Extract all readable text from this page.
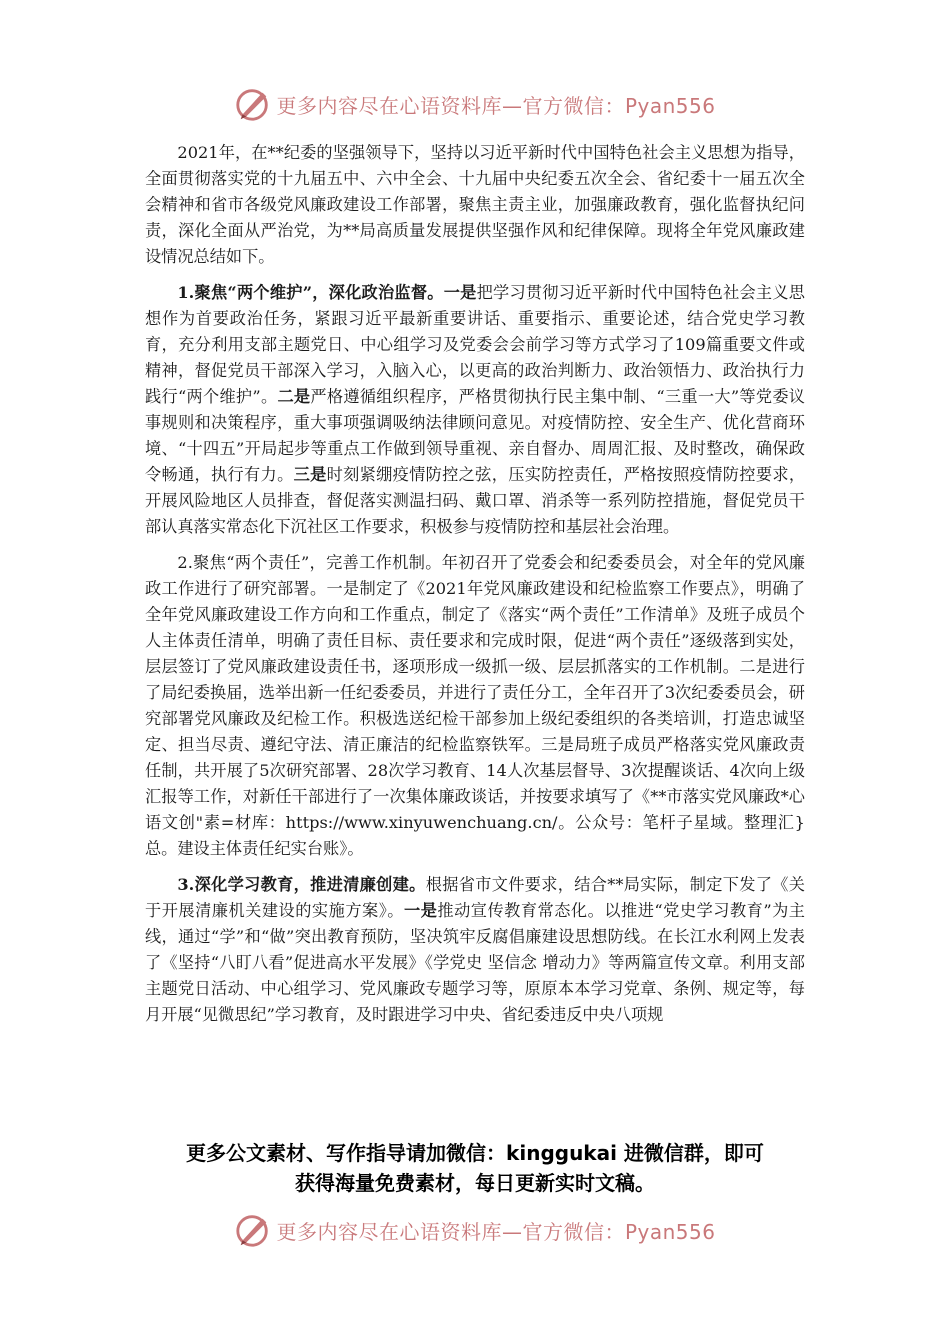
更多内容尽在心语资料库—官方微信：Pyan556

2021年，在**纪委的坚强领导下，坚持以习近平新时代中国特色社会主义思想为指导，全面贯彻落实党的十九届五中、六中全会、十九届中央纪委五次全会、省纪委十一届五次全会精神和省市各级党风廉政建设工作部署，聚焦主责主业，加强廉政教育，强化监督执纪问责，深化全面从严治党，为**局高质量发展提供坚强作风和纪律保障。现将全年党风廉政建设情况总结如下。

1.聚焦“两个维护”，深化政治监督。一是把学习贯彻习近平新时代中国特色社会主义思想作为首要政治任务，紧跟习近平最新重要讲话、重要指示、重要论述，结合党史学习教育，充分利用支部主题党日、中心组学习及党委会会前学习等方式学习了109篇重要文件或精神，督促党员干部深入学习，入脑入心，以更高的政治判断力、政治领悟力、政治执行力践行“两个维护”。二是严格遵循组织程序，严格贯彻执行民主集中制、“三重一大”等党委议事规则和决策程序，重大事项强调吸纳法律顾问意见。对疫情防控、安全生产、优化营商环境、“十四五”开局起步等重点工作做到领导重视、亲自督办、周周汇报、及时整改，确保政令畅通，执行有力。三是时刻紧绷疫情防控之弦，压实防控责任，严格按照疫情防控要求，开展风险地区人员排查，督促落实测温扫码、戴口罩、消杀等一系列防控措施，督促党员干部认真落实常态化下沉社区工作要求，积极参与疫情防控和基层社会治理。

2.聚焦“两个责任”，完善工作机制。年初召开了党委会和纪委委员会，对全年的党风廉政工作进行了研究部署。一是制定了《2021年党风廉政建设和纪检监察工作要点》，明确了全年党风廉政建设工作方向和工作重点，制定了《落实“两个责任”工作清单》及班子成员个人主体责任清单，明确了责任目标、责任要求和完成时限，促进“两个责任”逐级落到实处，层层签订了党风廉政建设责任书，逐项形成一级抓一级、层层抓落实的工作机制。二是进行了局纪委换届，选举出新一任纪委委员，并进行了责任分工，全年召开了3次纪委委员会，研究部署党风廉政及纪检工作。积极选送纪检干部参加上级纪委组织的各类培训，打造忠诚坚定、担当尽责、遵纪守法、清正廉洁的纪检监察铁军。三是局班子成员严格落实党风廉政责任制，共开展了5次研究部署、28次学习教育、14人次基层督导、3次提醒谈话、4次向上级汇报等工作，对新任干部进行了一次集体廉政谈话，并按要求填写了《**市落实党风廉政*心语文创"素=材库：https://www.xinyuwenchuang.cn/。公众号：笔杆子星域。整理汇}总。建设主体责任纪实台账》。

3.深化学习教育，推进清廉创建。根据省市文件要求，结合**局实际，制定下发了《关于开展清廉机关建设的实施方案》。一是推动宣传教育常态化。以推进“党史学习教育”为主线，通过“学”和“做”突出教育预防，坚决筑牢反腐倡廉建设思想防线。在长江水利网上发表了《坚持“八盯八看”促进高水平发展》《学党史 坚信念 增动力》等两篇宣传文章。利用支部主题党日活动、中心组学习、党风廉政专题学习等，原原本本学习党章、条例、规定等，每月开展“见微思纪”学习教育，及时跟进学习中央、省纪委违反中央八项规

更多公文素材、写作指导请加微信：kinggukai 进微信群，即可
获得海量免费素材，每日更新实时文稿。
更多内容尽在心语资料库—官方微信：Pyan556
